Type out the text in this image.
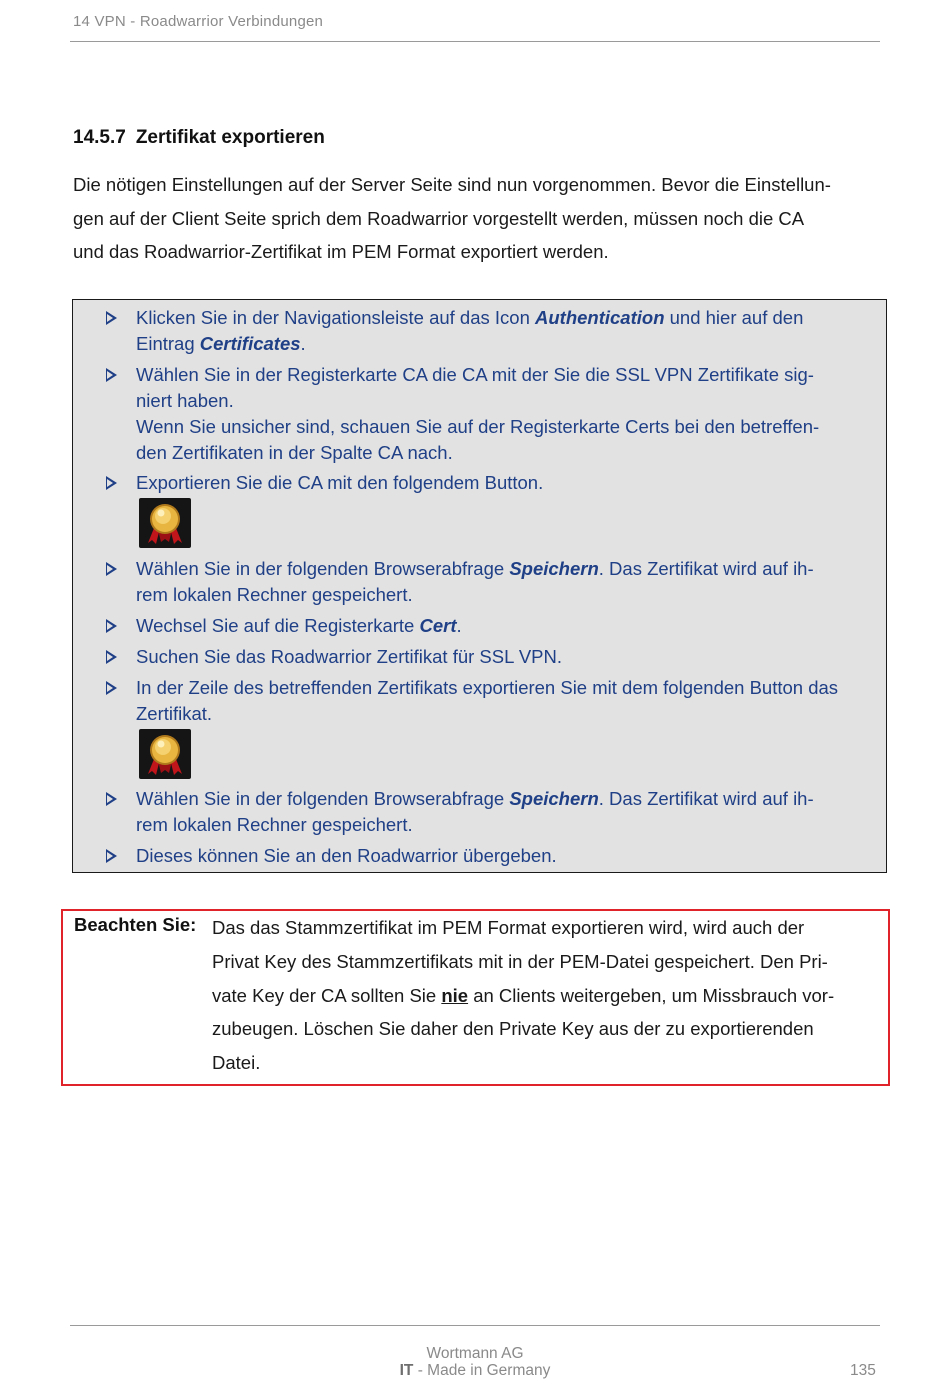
14 VPN - Roadwarrior Verbindungen
14.5.7 Zertifikat exportieren
Die nötigen Einstellungen auf der Server Seite sind nun vorgenommen. Bevor die Einstellun-
gen auf der Client Seite sprich dem Roadwarrior vorgestellt werden, müssen noch die CA
und das Roadwarrior-Zertifikat im PEM Format exportiert werden.
Klicken Sie in der Navigationsleiste auf das Icon Authentication und hier auf den
Eintrag Certificates.
Wählen Sie in der Registerkarte CA die CA mit der Sie die SSL VPN Zertifikate sig-
niert haben.
Wenn Sie unsicher sind, schauen Sie auf der Registerkarte Certs bei den betreffen-
den Zertifikaten in der Spalte CA nach.
Exportieren Sie die CA mit den folgendem Button.
Wählen Sie in der folgenden Browserabfrage Speichern. Das Zertifikat wird auf ih-
rem lokalen Rechner gespeichert.
Wechsel Sie auf die Registerkarte Cert.
Suchen Sie das Roadwarrior Zertifikat für SSL VPN.
In der Zeile des betreffenden Zertifikats exportieren Sie mit dem folgenden Button das
Zertifikat.
Wählen Sie in der folgenden Browserabfrage Speichern. Das Zertifikat wird auf ih-
rem lokalen Rechner gespeichert.
Dieses können Sie an den Roadwarrior übergeben.
Beachten Sie: Das das Stammzertifikat im PEM Format exportieren wird, wird auch der
Privat Key des Stammzertifikats mit in der PEM-Datei gespeichert. Den Pri-
vate Key der CA sollten Sie nie an Clients weitergeben, um Missbrauch vor-
zubeugen. Löschen Sie daher den Private Key aus der zu exportierenden
Datei.
Wortmann AG
IT - Made in Germany	135
